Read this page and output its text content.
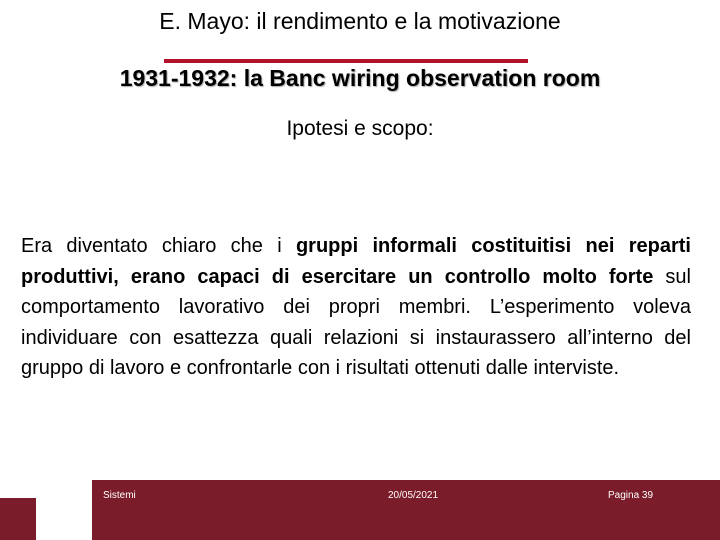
E. Mayo: il rendimento e la motivazione
1931-1932: la Banc wiring observation room
Ipotesi e scopo:

Era diventato chiaro che i gruppi informali costituitisi nei reparti produttivi, erano capaci di esercitare un controllo molto forte sul comportamento lavorativo dei propri membri. L’esperimento voleva individuare con esattezza quali relazioni si instaurassero all’interno del gruppo di lavoro e confrontarle con i risultati ottenuti dalle interviste.

Sistemi	20/05/2021	Pagina 39
